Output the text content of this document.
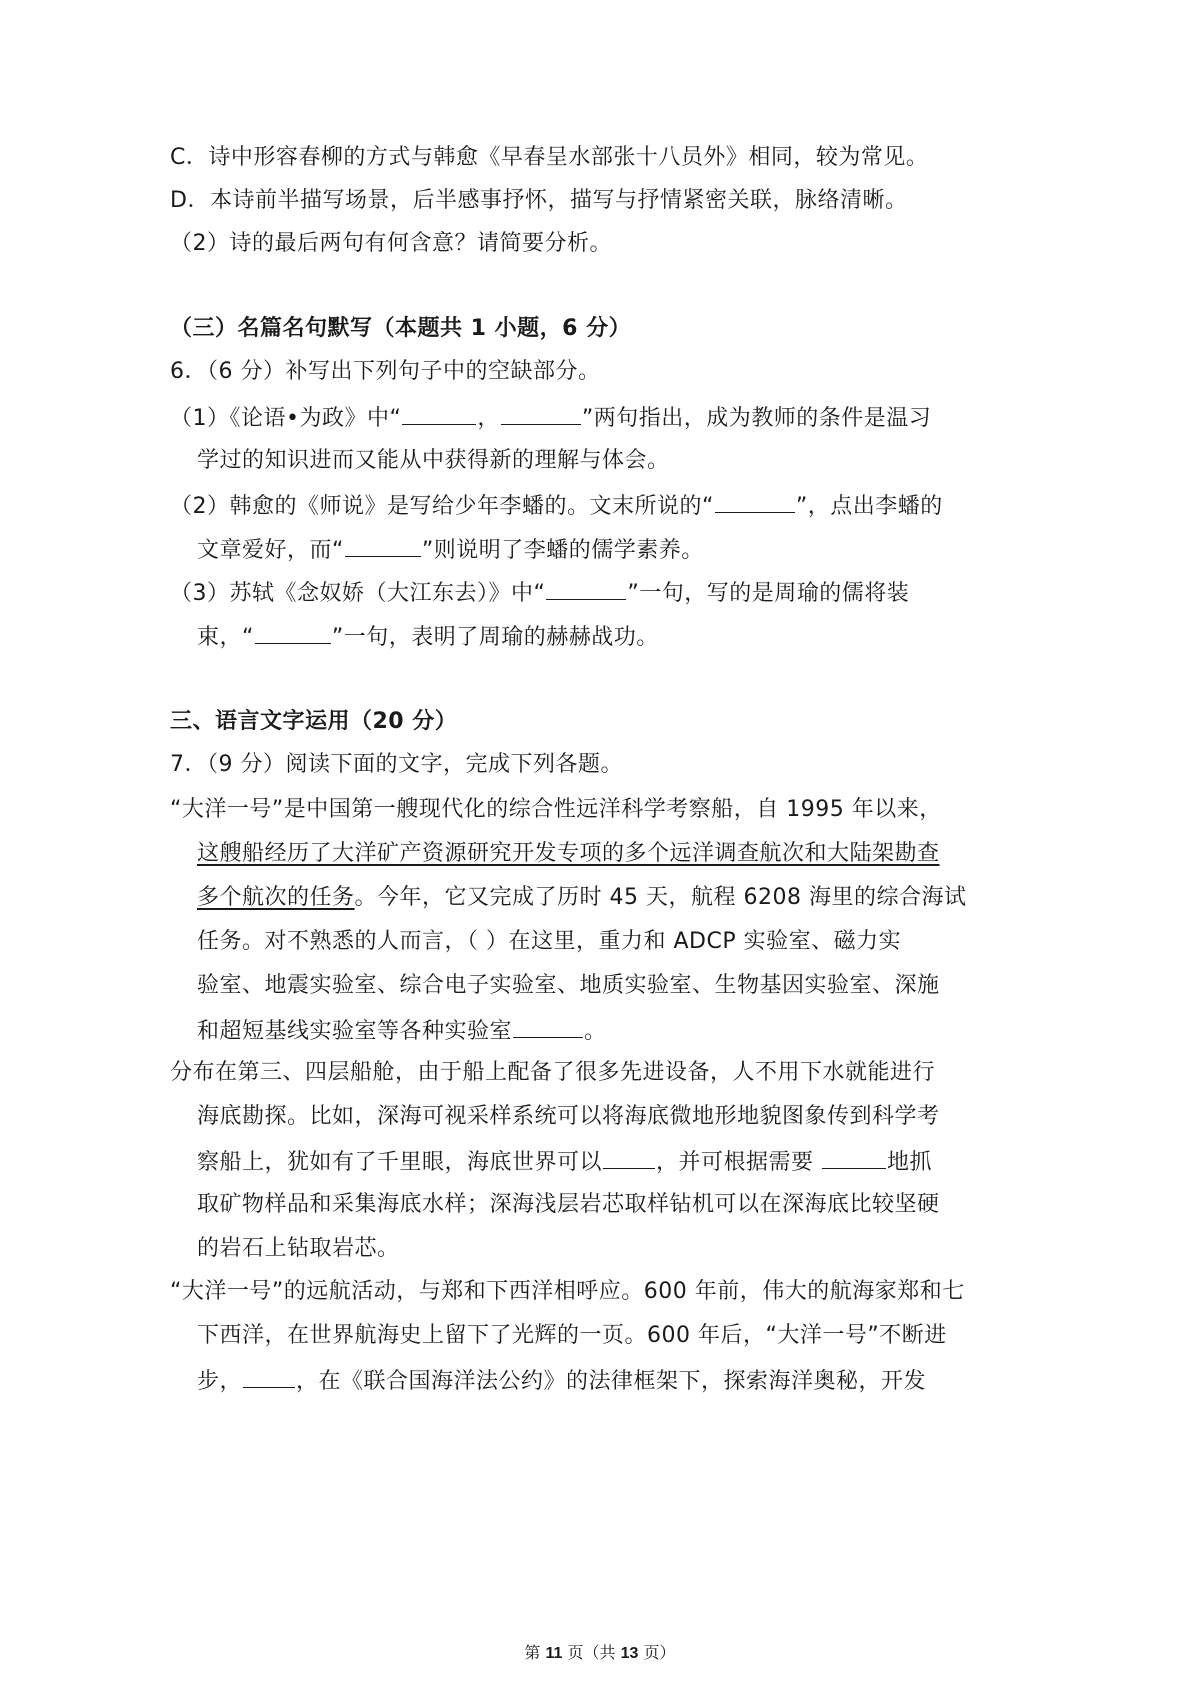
C．诗中形容春柳的方式与韩愈《早春呈水部张十八员外》相同，较为常见。
D．本诗前半描写场景，后半感事抒怀，描写与抒情紧密关联，脉络清晰。
（2）诗的最后两句有何含意？请简要分析。
（三）名篇名句默写（本题共 1 小题，6 分）
6．（6 分）补写出下列句子中的空缺部分。
（1）《论语•为政》中“	，	”两句指出，成为教师的条件是温习
学过的知识进而又能从中获得新的理解与体会。
（2）韩愈的《师说》是写给少年李蟠的。文末所说的“	”，点出李蟠的
文章爱好，而“	”则说明了李蟠的儒学素养。
（3）苏轼《念奴娇（大江东去）》中“	”一句，写的是周瑜的儒将装
束，“	”一句，表明了周瑜的赫赫战功。
三、语言文字运用（20 分）
7．（9 分）阅读下面的文字，完成下列各题。
“大洋一号”是中国第一艘现代化的综合性远洋科学考察船，自 1995 年以来，
这艘船经历了大洋矿产资源研究开发专项的多个远洋调查航次和大陆架勘查
多个航次的任务。今年，它又完成了历时 45 天，航程 6208 海里的综合海试
任务。对不熟悉的人而言，（ ）在这里，重力和 ADCP 实验室、磁力实
验室、地震实验室、综合电子实验室、地质实验室、生物基因实验室、深施
和超短基线实验室等各种实验室	。
分布在第三、四层船舱，由于船上配备了很多先进设备，人不用下水就能进行
海底勘探。比如，深海可视采样系统可以将海底微地形地貌图象传到科学考
察船上，犹如有了千里眼，海底世界可以 ，并可根据需要	地抓
取矿物样品和采集海底水样；深海浅层岩芯取样钻机可以在深海底比较坚硬
的岩石上钻取岩芯。
“大洋一号”的远航活动，与郑和下西洋相呼应。600 年前，伟大的航海家郑和七
下西洋，在世界航海史上留下了光辉的一页。600 年后，“大洋一号”不断进
步， ，在《联合国海洋法公约》的法律框架下，探索海洋奥秘，开发
第 11 页（共 13 页）
